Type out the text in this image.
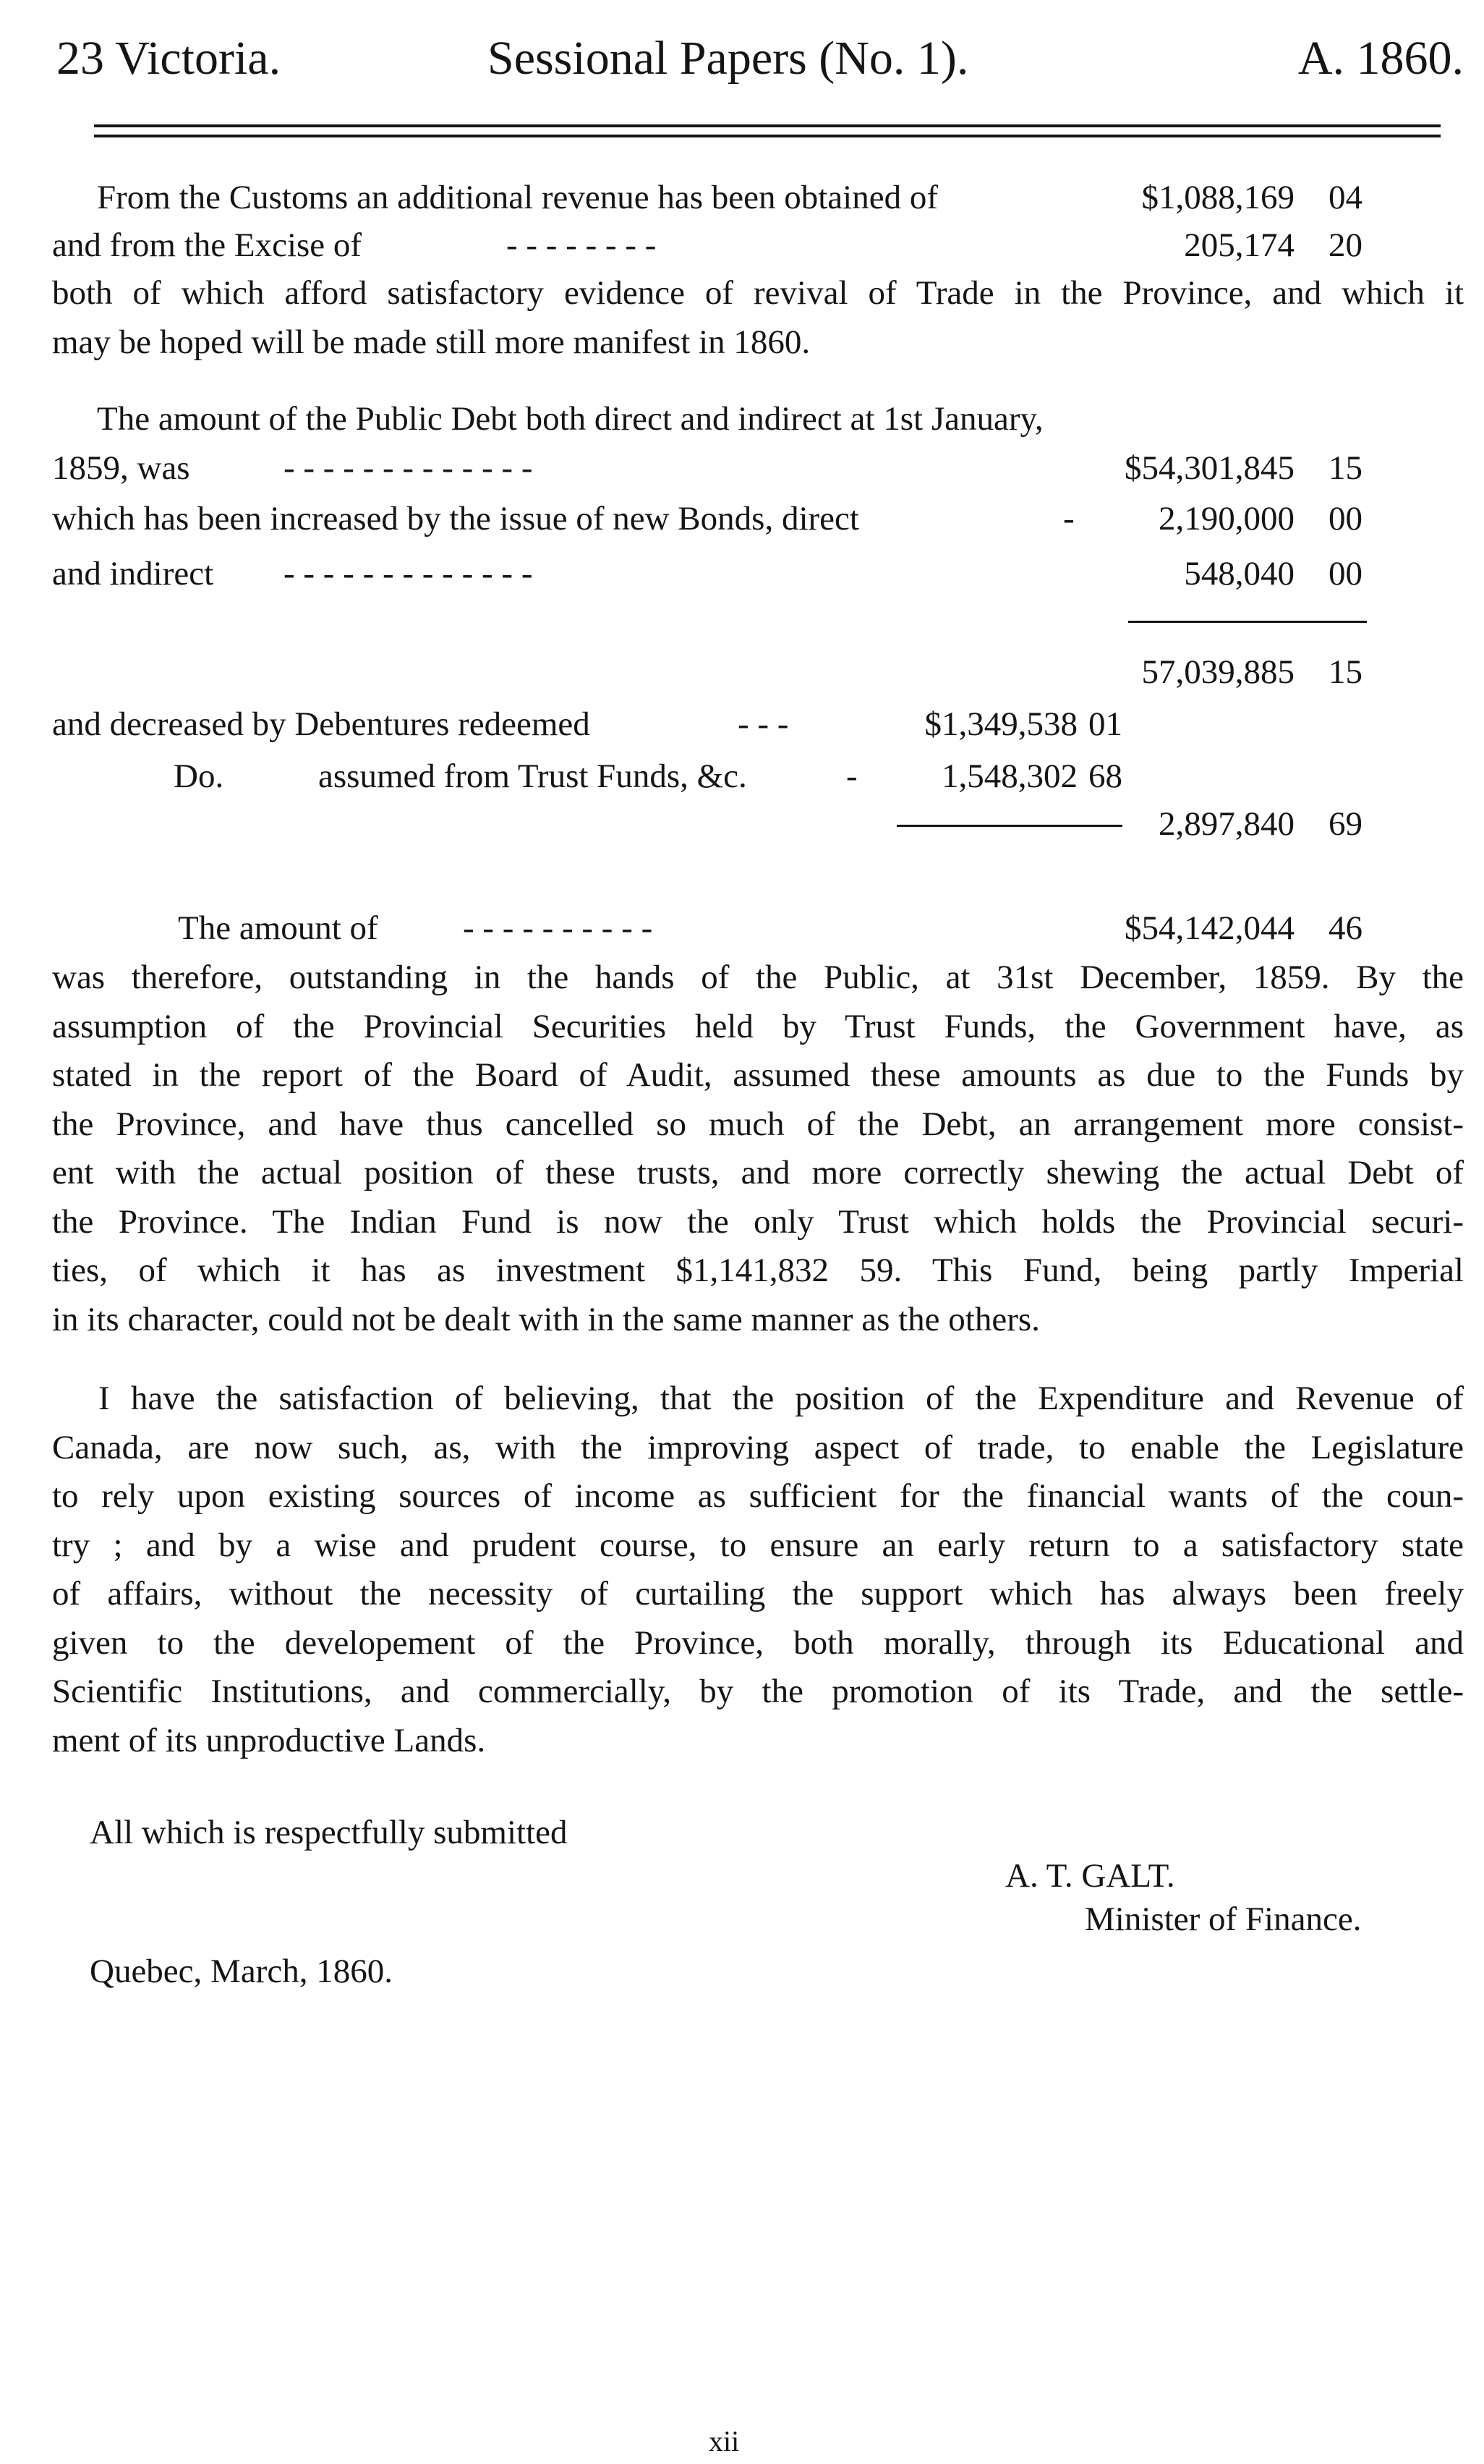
23 Victoria.	Sessional Papers (No. 1).	A. 1860.
From the Customs an additional revenue has been obtained of	$1,088,169 04
and from the Excise of	- - - - - - - -	205,174 20
both of which afford satisfactory evidence of revival of Trade in the Province, and which it
may be hoped will be made still more manifest in 1860.
The amount of the Public Debt both direct and indirect at 1st January,
1859, was	- - - - - - - - - - - - -	$54,301,845 15
which has been increased by the issue of new Bonds, direct	- 2,190,000 00
and indirect - - - - - - - - - - - - -	548,040 00
57,039,885 15
and decreased by Debentures redeemed	- - -	$1,349,538 01
Do.	assumed from Trust Funds, &c.	- 1,548,302 68
2,897,840 69
The amount of - - - - - - - - - -	$54,142,044 46
was therefore, outstanding in the hands of the Public, at 31st December, 1859. By the
assumption of the Provincial Securities held by Trust Funds, the Government have, as
stated in the report of the Board of Audit, assumed these amounts as due to the Funds by
the Province, and have thus cancelled so much of the Debt, an arrangement more consist-
ent with the actual position of these trusts, and more correctly shewing the actual Debt of
the Province. The Indian Fund is now the only Trust which holds the Provincial securi-
ties, of which it has as investment $1,141,832 59. This Fund, being partly Imperial
in its character, could not be dealt with in the same manner as the others.
I have the satisfaction of believing, that the position of the Expenditure and Revenue of
Canada, are now such, as, with the improving aspect of trade, to enable the Legislature
to rely upon existing sources of income as sufficient for the financial wants of the coun-
try ; and by a wise and prudent course, to ensure an early return to a satisfactory state
of affairs, without the necessity of curtailing the support which has always been freely
given to the developement of the Province, both morally, through its Educational and
Scientific Institutions, and commercially, by the promotion of its Trade, and the settle-
ment of its unproductive Lands.
All which is respectfully submitted
A. T. GALT.
Minister of Finance.
Quebec, March, 1860.
xii
